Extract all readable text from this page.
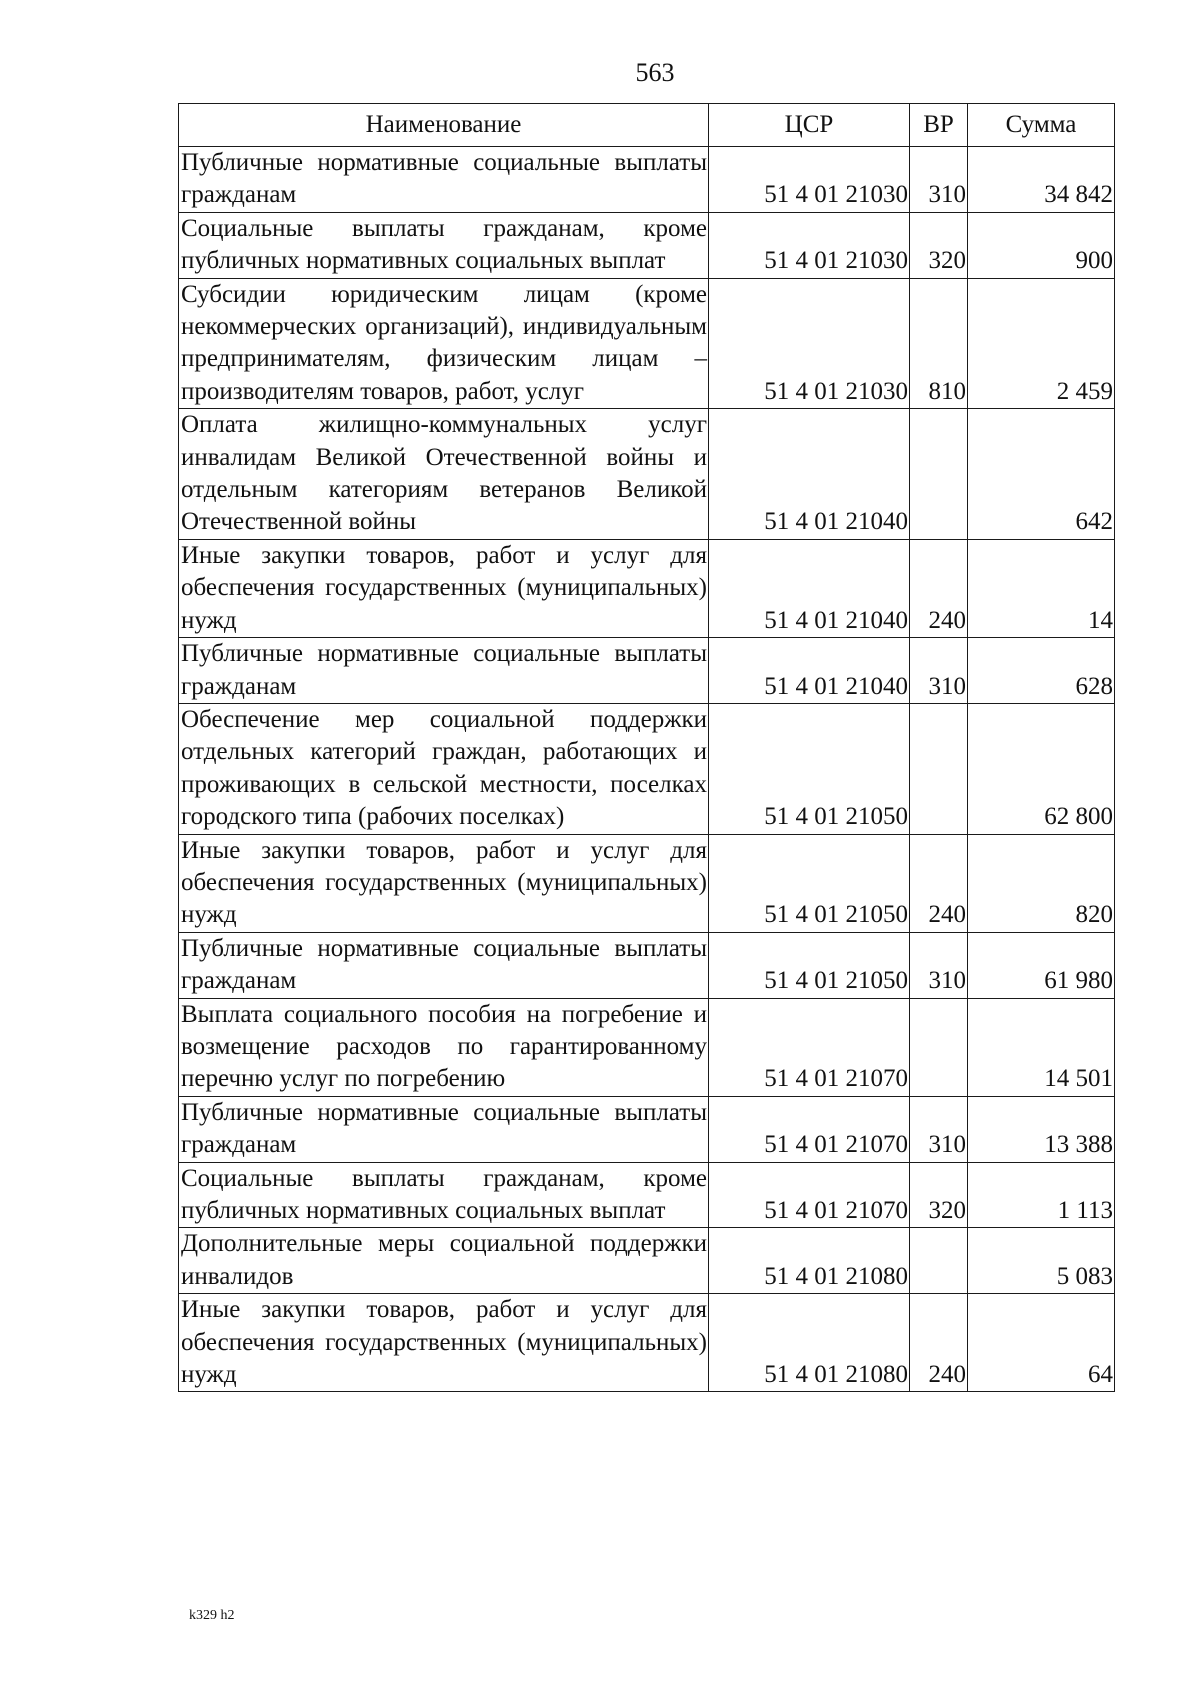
563
Наименование	ЦСР	ВР	Сумма
Публичные нормативные социальные выплаты гражданам	51 4 01 21030	310	34 842
Социальные выплаты гражданам, кроме публичных нормативных социальных выплат	51 4 01 21030	320	900
Субсидии юридическим лицам (кроме некоммерческих организаций), индивидуальным предпринимателям, физическим лицам – производителям товаров, работ, услуг	51 4 01 21030	810	2 459
Оплата жилищно-коммунальных услуг инвалидам Великой Отечественной войны и отдельным категориям ветеранов Великой Отечественной войны	51 4 01 21040		642
Иные закупки товаров, работ и услуг для обеспечения государственных (муниципальных) нужд	51 4 01 21040	240	14
Публичные нормативные социальные выплаты гражданам	51 4 01 21040	310	628
Обеспечение мер социальной поддержки отдельных категорий граждан, работающих и проживающих в сельской местности, поселках городского типа (рабочих поселках)	51 4 01 21050		62 800
Иные закупки товаров, работ и услуг для обеспечения государственных (муниципальных) нужд	51 4 01 21050	240	820
Публичные нормативные социальные выплаты гражданам	51 4 01 21050	310	61 980
Выплата социального пособия на погребение и возмещение расходов по гарантированному перечню услуг по погребению	51 4 01 21070		14 501
Публичные нормативные социальные выплаты гражданам	51 4 01 21070	310	13 388
Социальные выплаты гражданам, кроме публичных нормативных социальных выплат	51 4 01 21070	320	1 113
Дополнительные меры социальной поддержки инвалидов	51 4 01 21080		5 083
Иные закупки товаров, работ и услуг для обеспечения государственных (муниципальных) нужд	51 4 01 21080	240	64
k329 h2
